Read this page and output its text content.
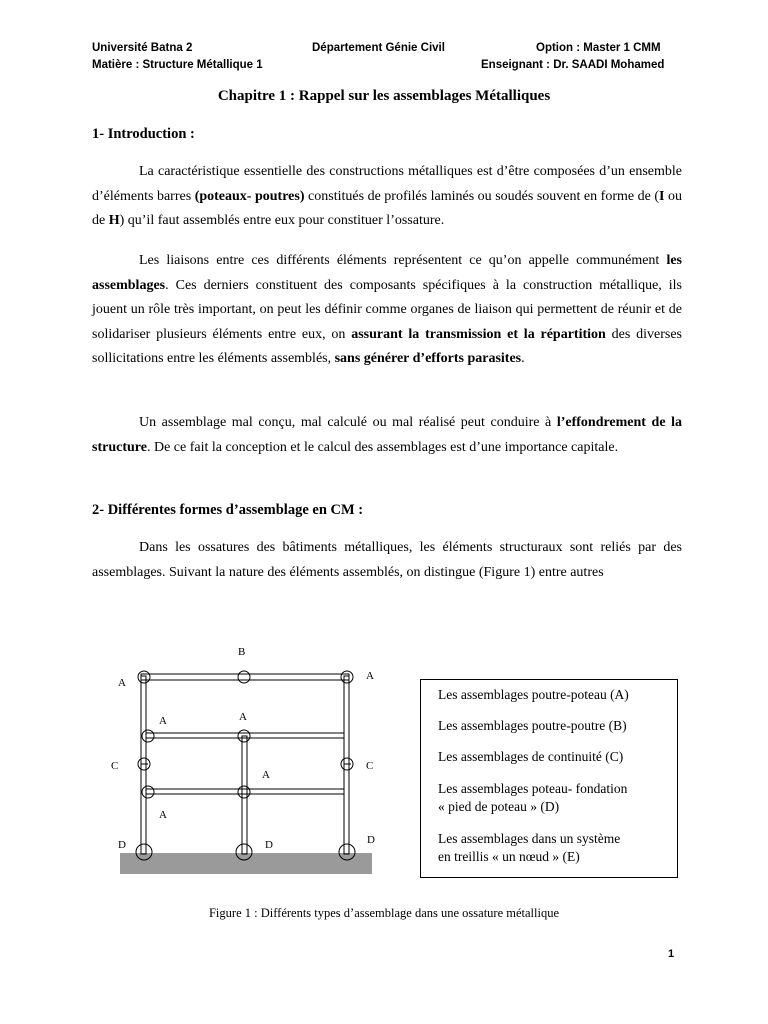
Université Batna 2	Département Génie Civil	Option : Master 1 CMM
Matière : Structure Métallique 1	Enseignant : Dr. SAADI Mohamed
Chapitre 1 : Rappel sur les assemblages Métalliques
1- Introduction :

La caractéristique essentielle des constructions métalliques est d’être composées d’un ensemble d’éléments barres (poteaux- poutres) constitués de profilés laminés ou soudés souvent en forme de (I ou de H) qu’il faut assemblés entre eux pour constituer l’ossature.

Les liaisons entre ces différents éléments représentent ce qu’on appelle communément les assemblages. Ces derniers constituent des composants spécifiques à la construction métallique, ils jouent un rôle très important, on peut les définir comme organes de liaison qui permettent de réunir et de solidariser plusieurs éléments entre eux, on assurant la transmission et la répartition des diverses sollicitations entre les éléments assemblés, sans générer d’efforts parasites.

Un assemblage mal conçu, mal calculé ou mal réalisé peut conduire à l’effondrement de la structure. De ce fait la conception et le calcul des assemblages est d’une importance capitale.

2- Différentes formes d’assemblage en CM :

Dans les ossatures des bâtiments métalliques, les éléments structuraux sont reliés par des assemblages. Suivant la nature des éléments assemblés, on distingue (Figure 1) entre autres

B
A
A
A	A
A
A
C	C
D	D	D
Les assemblages poutre-poteau (A)
Les assemblages poutre-poutre (B)
Les assemblages de continuité (C)
Les assemblages poteau- fondation
« pied de poteau » (D)
Les assemblages dans un système
en treillis « un nœud » (E)
Figure 1 : Différents types d’assemblage dans une ossature métallique
1
